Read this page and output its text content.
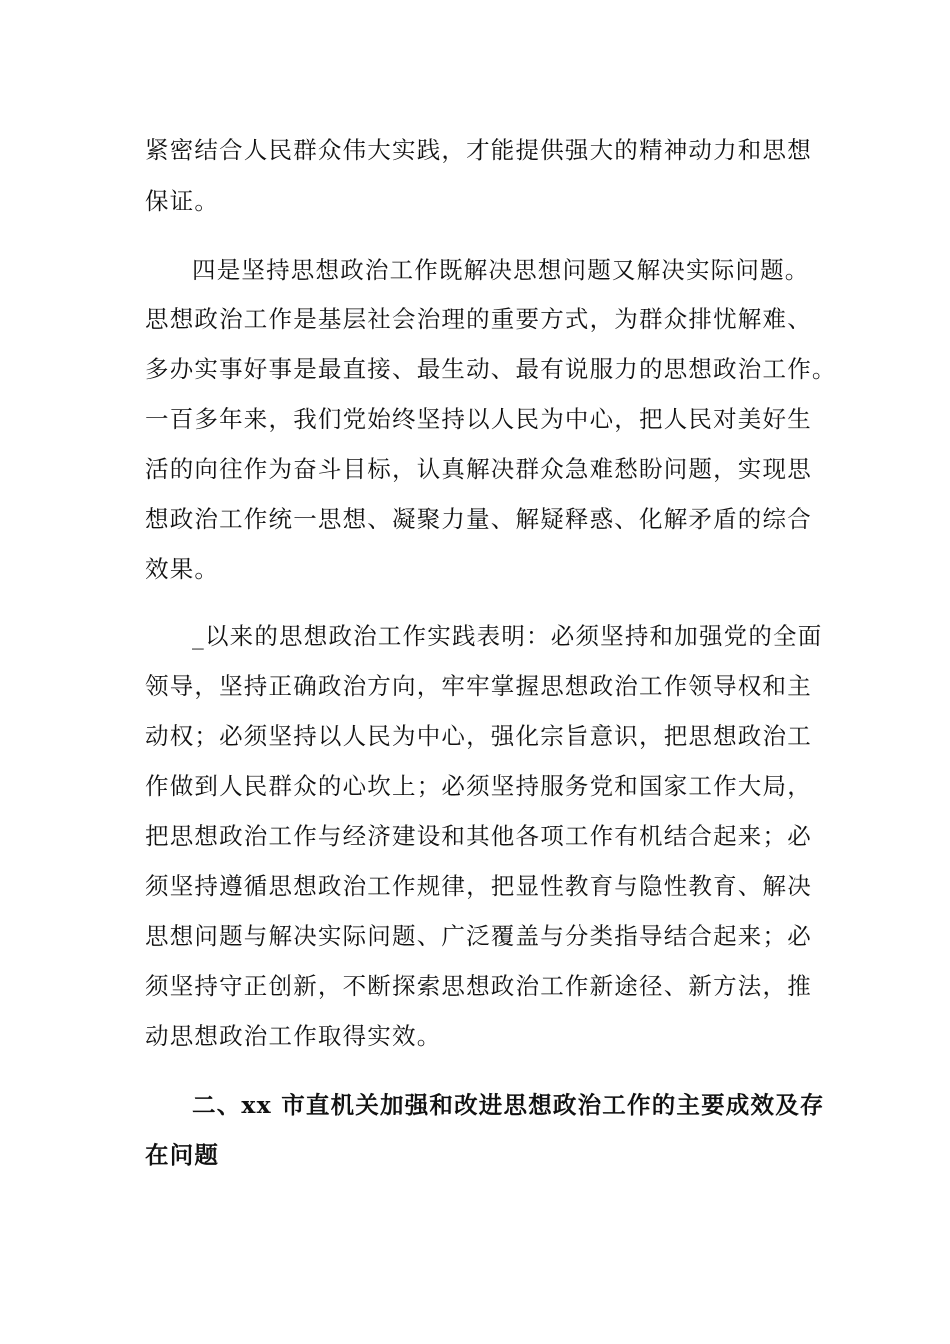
紧密结合人民群众伟大实践，才能提供强大的精神动力和思想
保证。
四是坚持思想政治工作既解决思想问题又解决实际问题。
思想政治工作是基层社会治理的重要方式，为群众排忧解难、
多办实事好事是最直接、最生动、最有说服力的思想政治工作。
一百多年来，我们党始终坚持以人民为中心，把人民对美好生
活的向往作为奋斗目标，认真解决群众急难愁盼问题，实现思
想政治工作统一思想、凝聚力量、解疑释惑、化解矛盾的综合
效果。
_以来的思想政治工作实践表明：必须坚持和加强党的全面
领导，坚持正确政治方向，牢牢掌握思想政治工作领导权和主
动权；必须坚持以人民为中心，强化宗旨意识，把思想政治工
作做到人民群众的心坎上；必须坚持服务党和国家工作大局，
把思想政治工作与经济建设和其他各项工作有机结合起来；必
须坚持遵循思想政治工作规律，把显性教育与隐性教育、解决
思想问题与解决实际问题、广泛覆盖与分类指导结合起来；必
须坚持守正创新，不断探索思想政治工作新途径、新方法，推
动思想政治工作取得实效。
二、xx 市直机关加强和改进思想政治工作的主要成效及存
在问题
